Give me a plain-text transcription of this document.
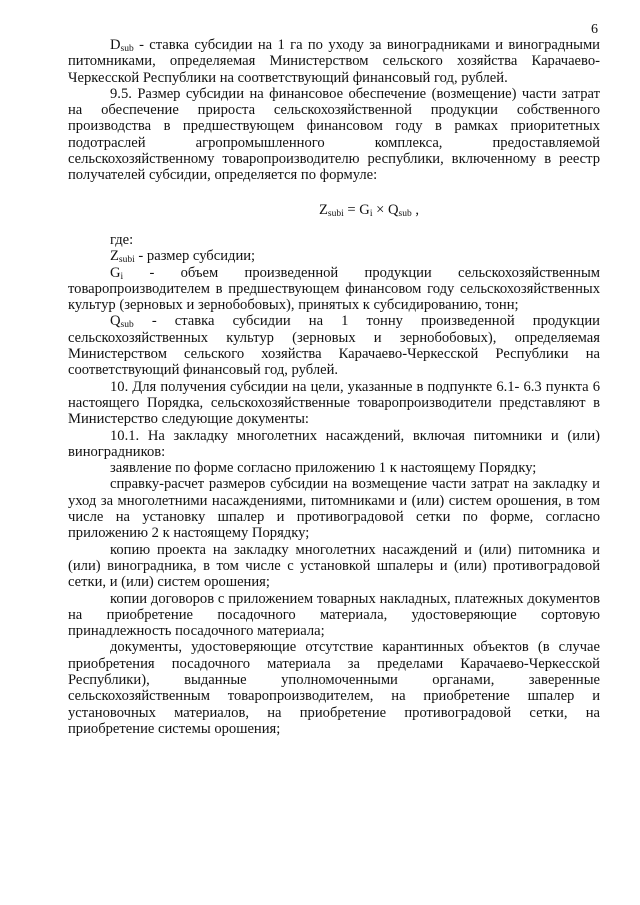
6

$D_{sub}$ - ставка субсидии на 1 га по уходу за виноградниками и виноградными питомниками, определяемая Министерством сельского хозяйства Карачаево-Черкесской Республики на соответствующий финансовый год, рублей.

9.5. Размер субсидии на финансовое обеспечение (возмещение) части затрат на обеспечение прироста сельскохозяйственной продукции собственного производства в предшествующем финансовом году в рамках приоритетных подотраслей агропромышленного комплекса, предоставляемой сельскохозяйственному товаропроизводителю республики, включенному в реестр получателей субсидии, определяется по формуле:

$Z_{subi} = G_i \times Q_{sub}$ ,

где:

$Z_{subi}$ - размер субсидии;

$G_i$ - объем произведенной продукции сельскохозяйственным товаропроизводителем в предшествующем финансовом году сельскохозяйственных культур (зерновых и зернобобовых), принятых к субсидированию, тонн;

$Q_{sub}$ - ставка субсидии на 1 тонну произведенной продукции сельскохозяйственных культур (зерновых и зернобобовых), определяемая Министерством сельского хозяйства Карачаево-Черкесской Республики на соответствующий финансовый год, рублей.

10. Для получения субсидии на цели, указанные в подпункте 6.1- 6.3 пункта 6 настоящего Порядка, сельскохозяйственные товаропроизводители представляют в Министерство следующие документы:

10.1. На закладку многолетних насаждений, включая питомники и (или) виноградников:

заявление по форме согласно приложению 1 к настоящему Порядку;

справку-расчет размеров субсидии на возмещение части затрат на закладку и уход за многолетними насаждениями, питомниками и (или) систем орошения, в том числе на установку шпалер и противоградовой сетки по форме, согласно приложению 2 к настоящему Порядку;

копию проекта на закладку многолетних насаждений и (или) питомника и (или) виноградника, в том числе с установкой шпалеры и (или) противоградовой сетки, и (или) систем орошения;

копии договоров с приложением товарных накладных, платежных документов на приобретение посадочного материала, удостоверяющие сортовую принадлежность посадочного материала;

документы, удостоверяющие отсутствие карантинных объектов (в случае приобретения посадочного материала за пределами Карачаево-Черкесской Республики), выданные уполномоченными органами, заверенные сельскохозяйственным товаропроизводителем, на приобретение шпалер и установочных материалов, на приобретение противоградовой сетки, на приобретение системы орошения;
